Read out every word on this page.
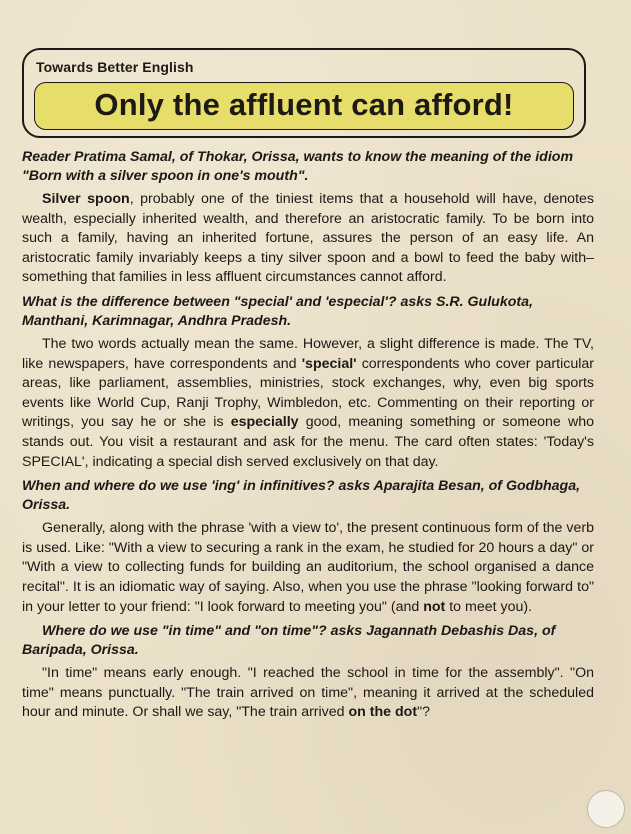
Towards Better English
Only the affluent can afford!

Reader Pratima Samal, of Thokar, Orissa, wants to know the meaning of the idiom "Born with a silver spoon in one's mouth".

Silver spoon, probably one of the tiniest items that a household will have, denotes wealth, especially inherited wealth, and therefore an aristocratic family. To be born into such a family, having an inherited fortune, assures the person of an easy life. An aristocratic family invariably keeps a tiny silver spoon and a bowl to feed the baby with–something that families in less affluent circumstances cannot afford.

What is the difference between "special' and 'especial'? asks S.R. Gulukota, Manthani, Karimnagar, Andhra Pradesh.

The two words actually mean the same. However, a slight difference is made. The TV, like newspapers, have correspondents and 'special' correspondents who cover particular areas, like parliament, assemblies, ministries, stock exchanges, why, even big sports events like World Cup, Ranji Trophy, Wimbledon, etc. Commenting on their reporting or writings, you say he or she is especially good, meaning something or someone who stands out. You visit a restaurant and ask for the menu. The card often states: 'Today's SPECIAL', indicating a special dish served exclusively on that day.

When and where do we use 'ing' in infinitives? asks Aparajita Besan, of Godbhaga, Orissa.

Generally, along with the phrase 'with a view to', the present continuous form of the verb is used. Like: "With a view to securing a rank in the exam, he studied for 20 hours a day" or "With a view to collecting funds for building an auditorium, the school organised a dance recital". It is an idiomatic way of saying. Also, when you use the phrase "looking forward to" in your letter to your friend: "I look forward to meeting you" (and not to meet you).

Where do we use "in time" and "on time"? asks Jagannath Debashis Das, of Baripada, Orissa.

"In time" means early enough. "I reached the school in time for the assembly". "On time" means punctually. "The train arrived on time", meaning it arrived at the scheduled hour and minute. Or shall we say, "The train arrived on the dot"?
